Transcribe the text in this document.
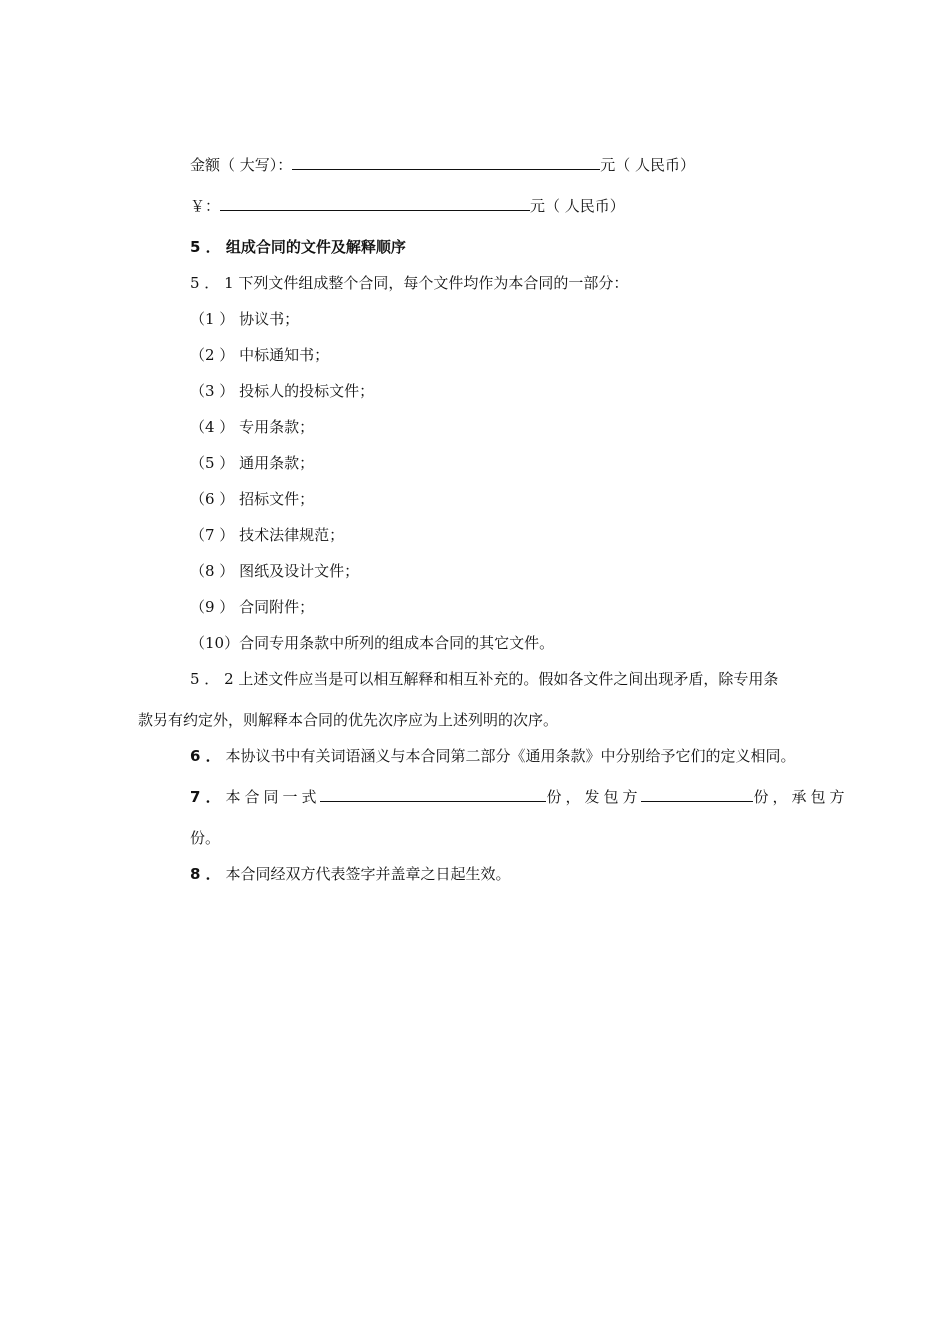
金额（ 大写）：	元（ 人民币）
￥：	元（ 人民币）
5 ． 组成合同的文件及解释顺序
5 ． 1 下列文件组成整个合同，每个文件均作为本合同的一部分：
（1 ） 协议书；
（2 ） 中标通知书；
（3 ） 投标人的投标文件；
（4 ） 专用条款；
（5 ） 通用条款；
（6 ） 招标文件；
（7 ） 技术法律规范；
（8 ） 图纸及设计文件；
（9 ） 合同附件；
（10）合同专用条款中所列的组成本合同的其它文件。
5 ． 2 上述文件应当是可以相互解释和相互补充的。假如各文件之间出现矛盾，除专用条
款另有约定外，则解释本合同的优先次序应为上述列明的次序。
6 ． 本协议书中有关词语涵义与本合同第二部分《通用条款》中分别给予它们的定义相同。
7 ． 本合同一式	份，发包方	份，承包方
份。
8 ． 本合同经双方代表签字并盖章之日起生效。
